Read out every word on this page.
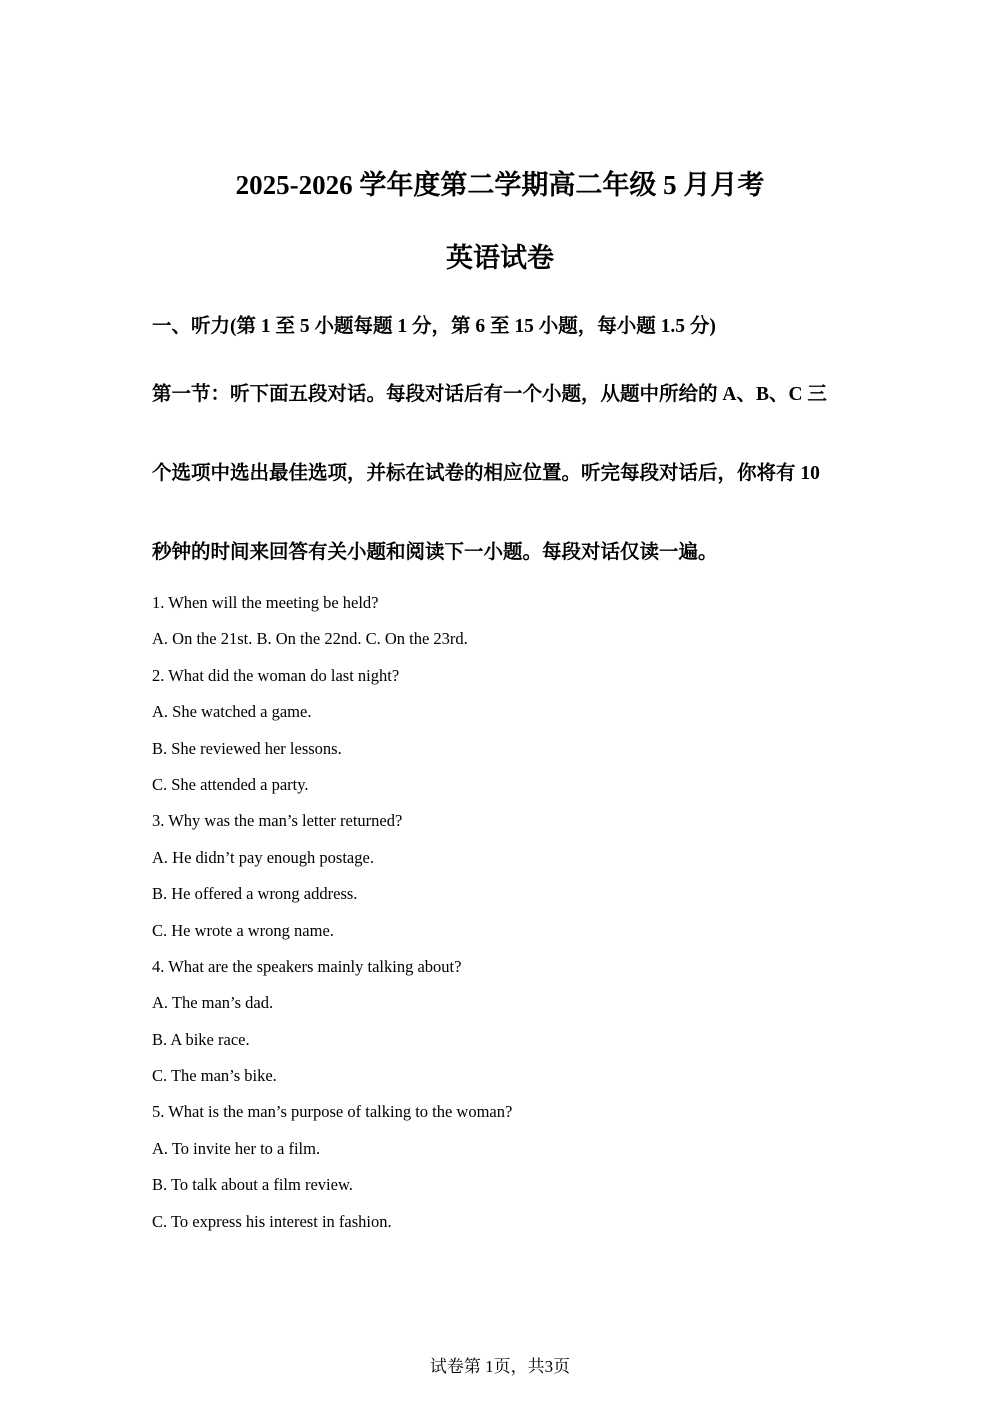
2025-2026 学年度第二学期高二年级 5 月月考
英语试卷
一、听力(第 1 至 5 小题每题 1 分，第 6 至 15 小题，每小题 1.5 分)
第一节：听下面五段对话。每段对话后有一个小题，从题中所给的 A、B、C 三
个选项中选出最佳选项，并标在试卷的相应位置。听完每段对话后，你将有 10
秒钟的时间来回答有关小题和阅读下一小题。每段对话仅读一遍。
1. When will the meeting be held?
A. On the 21st. B. On the 22nd. C. On the 23rd.
2. What did the woman do last night?
A. She watched a game.
B. She reviewed her lessons.
C. She attended a party.
3. Why was the man’s letter returned?
A. He didn’t pay enough postage.
B. He offered a wrong address.
C. He wrote a wrong name.
4. What are the speakers mainly talking about?
A. The man’s dad.
B. A bike race.
C. The man’s bike.
5. What is the man’s purpose of talking to the woman?
A. To invite her to a film.
B. To talk about a film review.
C. To express his interest in fashion.
试卷第 1页，共3页
